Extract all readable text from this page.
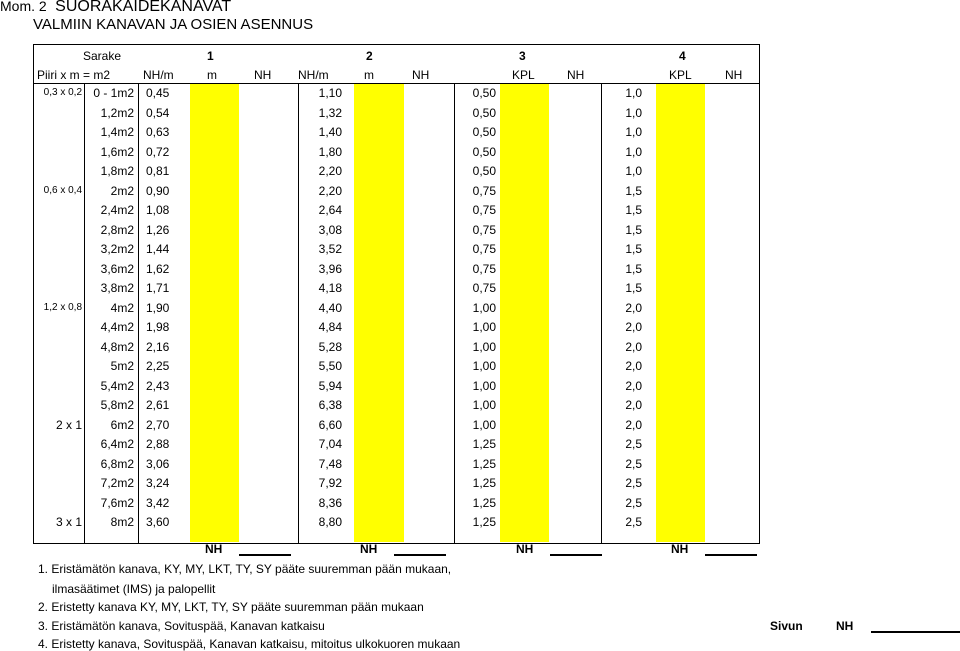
Mom. 2 SUORAKAIDEKANAVAT
VALMIIN KANAVAN JA OSIEN ASENNUS
Sarake	1	2	3	4
Piiri x m = m2	NH/m	m	NH NH/m	m	NH	KPL	NH	KPL	NH
0,3 x 0,2 0 - 1m2 0,45	1,10	0,50	1,0
1,2m2 0,54	1,32	0,50	1,0
1,4m2 0,63	1,40	0,50	1,0
1,6m2 0,72	1,80	0,50	1,0
1,8m2 0,81	2,20	0,50	1,0
0,6 x 0,4	2m2 0,90	2,20	0,75	1,5
2,4m2 1,08	2,64	0,75	1,5
2,8m2 1,26	3,08	0,75	1,5
3,2m2 1,44	3,52	0,75	1,5
3,6m2 1,62	3,96	0,75	1,5
3,8m2 1,71	4,18	0,75	1,5
1,2 x 0,8	4m2 1,90	4,40	1,00	2,0
4,4m2 1,98	4,84	1,00	2,0
4,8m2 2,16	5,28	1,00	2,0
5m2 2,25	5,50	1,00	2,0
5,4m2 2,43	5,94	1,00	2,0
5,8m2 2,61	6,38	1,00	2,0
2 x 1	6m2 2,70	6,60	1,00	2,0
6,4m2 2,88	7,04	1,25	2,5
6,8m2 3,06	7,48	1,25	2,5
7,2m2 3,24	7,92	1,25	2,5
7,6m2 3,42	8,36	1,25	2,5
3 x 1	8m2 3,60	8,80	1,25	2,5
NH	NH	NH	NH
1. Eristämätön kanava, KY, MY, LKT, TY, SY pääte suuremman pään mukaan,
ilmasäätimet (IMS) ja palopellit
2. Eristetty kanava KY, MY, LKT, TY, SY pääte suuremman pään mukaan
3. Eristämätön kanava, Sovituspää, Kanavan katkaisu
4. Eristetty kanava, Sovituspää, Kanavan katkaisu, mitoitus ulkokuoren mukaan
Sivun	NH
